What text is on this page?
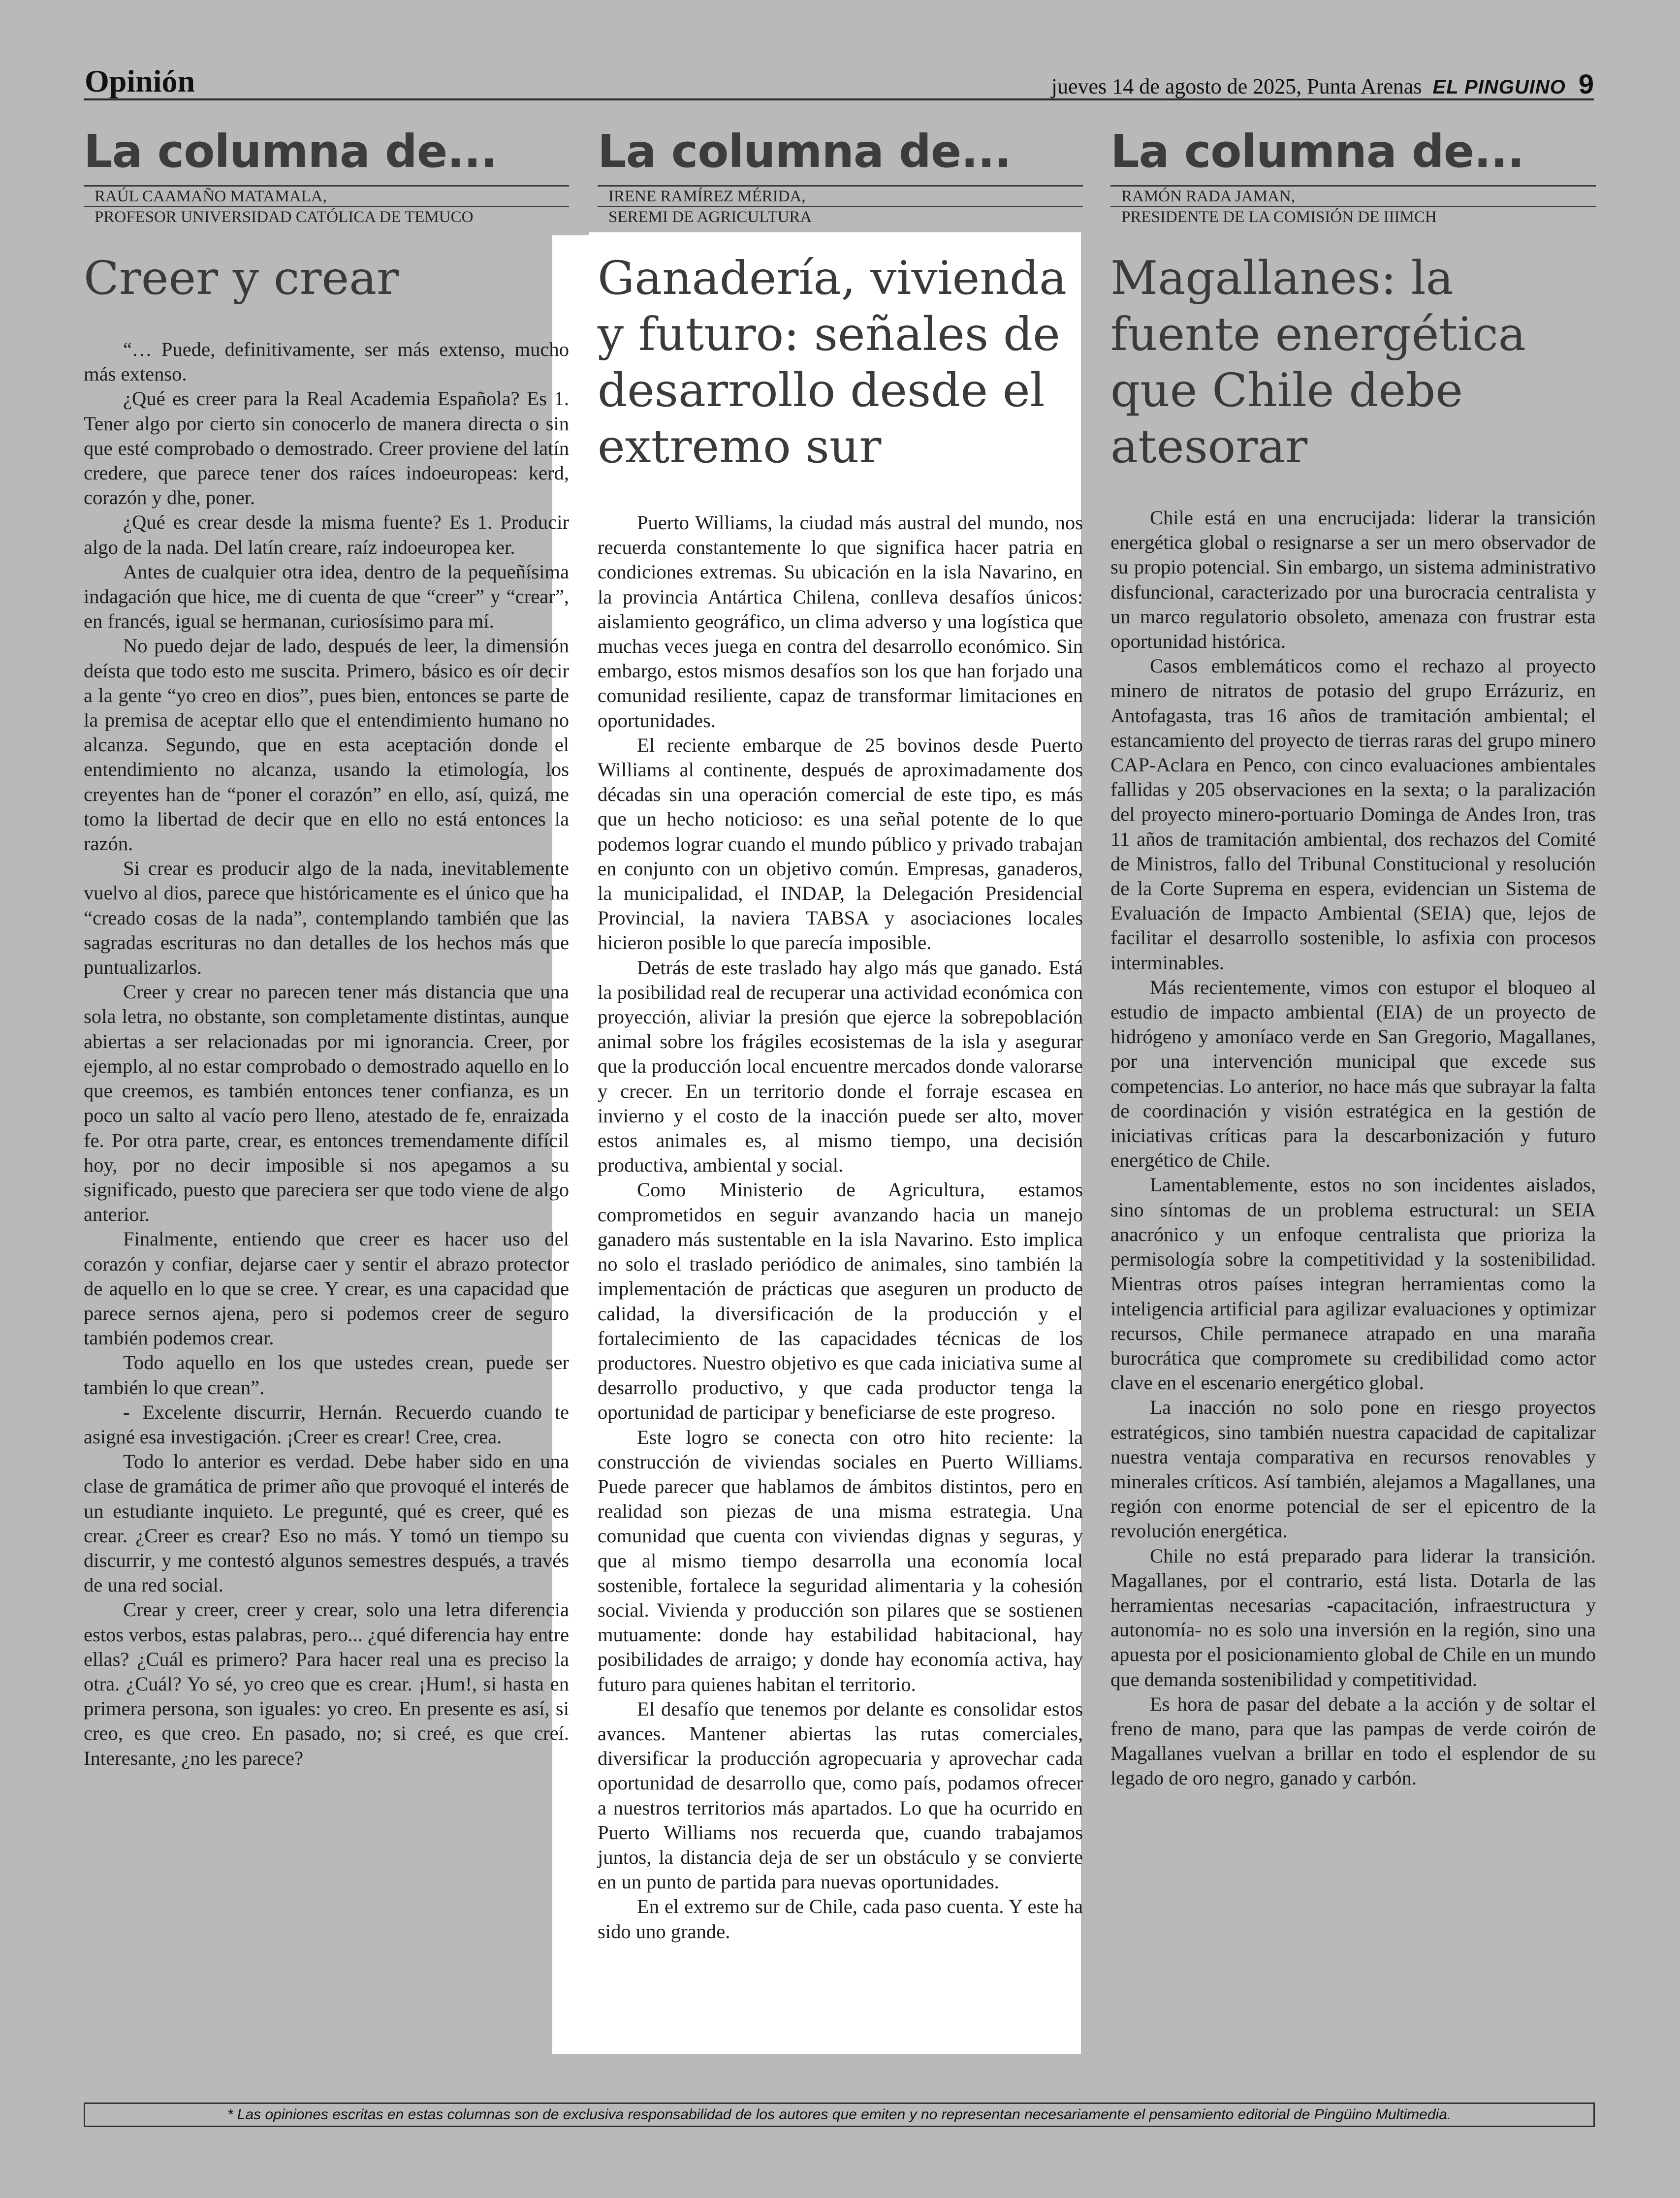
Opinión	jueves 14 de agosto de 2025, Punta Arenas EL PINGUINO 9
La columna de...
RAÚL CAAMAÑO MATAMALA,
PROFESOR UNIVERSIDAD CATÓLICA DE TEMUCO
Creer y crear

“… Puede, definitivamente, ser más extenso, mucho más extenso.

¿Qué es creer para la Real Academia Española? Es 1. Tener algo por cierto sin conocerlo de manera directa o sin que esté comprobado o demostrado. Creer proviene del latín credere, que parece tener dos raíces indoeuropeas: kerd, corazón y dhe, poner.

¿Qué es crear desde la misma fuente? Es 1. Producir algo de la nada. Del latín creare, raíz indoeuropea ker.

Antes de cualquier otra idea, dentro de la pequeñísima indagación que hice, me di cuenta de que “creer” y “crear”, en francés, igual se hermanan, curiosísimo para mí.

No puedo dejar de lado, después de leer, la dimensión deísta que todo esto me suscita. Primero, básico es oír decir a la gente “yo creo en dios”, pues bien, entonces se parte de la premisa de aceptar ello que el entendimiento humano no alcanza. Segundo, que en esta aceptación donde el entendimiento no alcanza, usando la etimología, los creyentes han de “poner el corazón” en ello, así, quizá, me tomo la libertad de decir que en ello no está entonces la razón.

Si crear es producir algo de la nada, inevitablemente vuelvo al dios, parece que históricamente es el único que ha “creado cosas de la nada”, contemplando también que las sagradas escrituras no dan detalles de los hechos más que puntualizarlos.

Creer y crear no parecen tener más distancia que una sola letra, no obstante, son completamente distintas, aunque abiertas a ser relacionadas por mi ignorancia. Creer, por ejemplo, al no estar comprobado o demostrado aquello en lo que creemos, es también entonces tener confianza, es un poco un salto al vacío pero lleno, atestado de fe, enraizada fe. Por otra parte, crear, es entonces tremendamente difícil hoy, por no decir imposible si nos apegamos a su significado, puesto que pareciera ser que todo viene de algo anterior.

Finalmente, entiendo que creer es hacer uso del corazón y confiar, dejarse caer y sentir el abrazo protector de aquello en lo que se cree. Y crear, es una capacidad que parece sernos ajena, pero si podemos creer de seguro también podemos crear.

Todo aquello en los que ustedes crean, puede ser también lo que crean”.

- Excelente discurrir, Hernán. Recuerdo cuando te asigné esa investigación. ¡Creer es crear! Cree, crea.

Todo lo anterior es verdad. Debe haber sido en una clase de gramática de primer año que provoqué el interés de un estudiante inquieto. Le pregunté, qué es creer, qué es crear. ¿Creer es crear? Eso no más. Y tomó un tiempo su discurrir, y me contestó algunos semestres después, a través de una red social.

Crear y creer, creer y crear, solo una letra diferencia estos verbos, estas palabras, pero... ¿qué diferencia hay entre ellas? ¿Cuál es primero? Para hacer real una es preciso la otra. ¿Cuál? Yo sé, yo creo que es crear. ¡Hum!, si hasta en primera persona, son iguales: yo creo. En presente es así, si creo, es que creo. En pasado, no; si creé, es que creí. Interesante, ¿no les parece?

La columna de...
IRENE RAMÍREZ MÉRIDA,
SEREMI DE AGRICULTURA
Ganadería, vivienda y futuro: señales de desarrollo desde el extremo sur

Puerto Williams, la ciudad más austral del mundo, nos recuerda constantemente lo que significa hacer patria en condiciones extremas. Su ubicación en la isla Navarino, en la provincia Antártica Chilena, conlleva desafíos únicos: aislamiento geográfico, un clima adverso y una logística que muchas veces juega en contra del desarrollo económico. Sin embargo, estos mismos desafíos son los que han forjado una comunidad resiliente, capaz de transformar limitaciones en oportunidades.

El reciente embarque de 25 bovinos desde Puerto Williams al continente, después de aproximadamente dos décadas sin una operación comercial de este tipo, es más que un hecho noticioso: es una señal potente de lo que podemos lograr cuando el mundo público y privado trabajan en conjunto con un objetivo común. Empresas, ganaderos, la municipalidad, el INDAP, la Delegación Presidencial Provincial, la naviera TABSA y asociaciones locales hicieron posible lo que parecía imposible.

Detrás de este traslado hay algo más que ganado. Está la posibilidad real de recuperar una actividad económica con proyección, aliviar la presión que ejerce la sobrepoblación animal sobre los frágiles ecosistemas de la isla y asegurar que la producción local encuentre mercados donde valorarse y crecer. En un territorio donde el forraje escasea en invierno y el costo de la inacción puede ser alto, mover estos animales es, al mismo tiempo, una decisión productiva, ambiental y social.

Como Ministerio de Agricultura, estamos comprometidos en seguir avanzando hacia un manejo ganadero más sustentable en la isla Navarino. Esto implica no solo el traslado periódico de animales, sino también la implementación de prácticas que aseguren un producto de calidad, la diversificación de la producción y el fortalecimiento de las capacidades técnicas de los productores. Nuestro objetivo es que cada iniciativa sume al desarrollo productivo, y que cada productor tenga la oportunidad de participar y beneficiarse de este progreso.

Este logro se conecta con otro hito reciente: la construcción de viviendas sociales en Puerto Williams. Puede parecer que hablamos de ámbitos distintos, pero en realidad son piezas de una misma estrategia. Una comunidad que cuenta con viviendas dignas y seguras, y que al mismo tiempo desarrolla una economía local sostenible, fortalece la seguridad alimentaria y la cohesión social. Vivienda y producción son pilares que se sostienen mutuamente: donde hay estabilidad habitacional, hay posibilidades de arraigo; y donde hay economía activa, hay futuro para quienes habitan el territorio.

El desafío que tenemos por delante es consolidar estos avances. Mantener abiertas las rutas comerciales, diversificar la producción agropecuaria y aprovechar cada oportunidad de desarrollo que, como país, podamos ofrecer a nuestros territorios más apartados. Lo que ha ocurrido en Puerto Williams nos recuerda que, cuando trabajamos juntos, la distancia deja de ser un obstáculo y se convierte en un punto de partida para nuevas oportunidades.

En el extremo sur de Chile, cada paso cuenta. Y este ha sido uno grande.

La columna de...
RAMÓN RADA JAMAN,
PRESIDENTE DE LA COMISIÓN DE IIIMCH
Magallanes: la fuente energética que Chile debe atesorar

Chile está en una encrucijada: liderar la transición energética global o resignarse a ser un mero observador de su propio potencial. Sin embargo, un sistema administrativo disfuncional, caracterizado por una burocracia centralista y un marco regulatorio obsoleto, amenaza con frustrar esta oportunidad histórica.

Casos emblemáticos como el rechazo al proyecto minero de nitratos de potasio del grupo Errázuriz, en Antofagasta, tras 16 años de tramitación ambiental; el estancamiento del proyecto de tierras raras del grupo minero CAP-Aclara en Penco, con cinco evaluaciones ambientales fallidas y 205 observaciones en la sexta; o la paralización del proyecto minero-portuario Dominga de Andes Iron, tras 11 años de tramitación ambiental, dos rechazos del Comité de Ministros, fallo del Tribunal Constitucional y resolución de la Corte Suprema en espera, evidencian un Sistema de Evaluación de Impacto Ambiental (SEIA) que, lejos de facilitar el desarrollo sostenible, lo asfixia con procesos interminables.

Más recientemente, vimos con estupor el bloqueo al estudio de impacto ambiental (EIA) de un proyecto de hidrógeno y amoníaco verde en San Gregorio, Magallanes, por una intervención municipal que excede sus competencias. Lo anterior, no hace más que subrayar la falta de coordinación y visión estratégica en la gestión de iniciativas críticas para la descarbonización y futuro energético de Chile.

Lamentablemente, estos no son incidentes aislados, sino síntomas de un problema estructural: un SEIA anacrónico y un enfoque centralista que prioriza la permisología sobre la competitividad y la sostenibilidad. Mientras otros países integran herramientas como la inteligencia artificial para agilizar evaluaciones y optimizar recursos, Chile permanece atrapado en una maraña burocrática que compromete su credibilidad como actor clave en el escenario energético global.

La inacción no solo pone en riesgo proyectos estratégicos, sino también nuestra capacidad de capitalizar nuestra ventaja comparativa en recursos renovables y minerales críticos. Así también, alejamos a Magallanes, una región con enorme potencial de ser el epicentro de la revolución energética.

Chile no está preparado para liderar la transición. Magallanes, por el contrario, está lista. Dotarla de las herramientas necesarias -capacitación, infraestructura y autonomía- no es solo una inversión en la región, sino una apuesta por el posicionamiento global de Chile en un mundo que demanda sostenibilidad y competitividad.

Es hora de pasar del debate a la acción y de soltar el freno de mano, para que las pampas de verde coirón de Magallanes vuelvan a brillar en todo el esplendor de su legado de oro negro, ganado y carbón.

* Las opiniones escritas en estas columnas son de exclusiva responsabilidad de los autores que emiten y no representan necesariamente el pensamiento editorial de Pingüino Multimedia.
